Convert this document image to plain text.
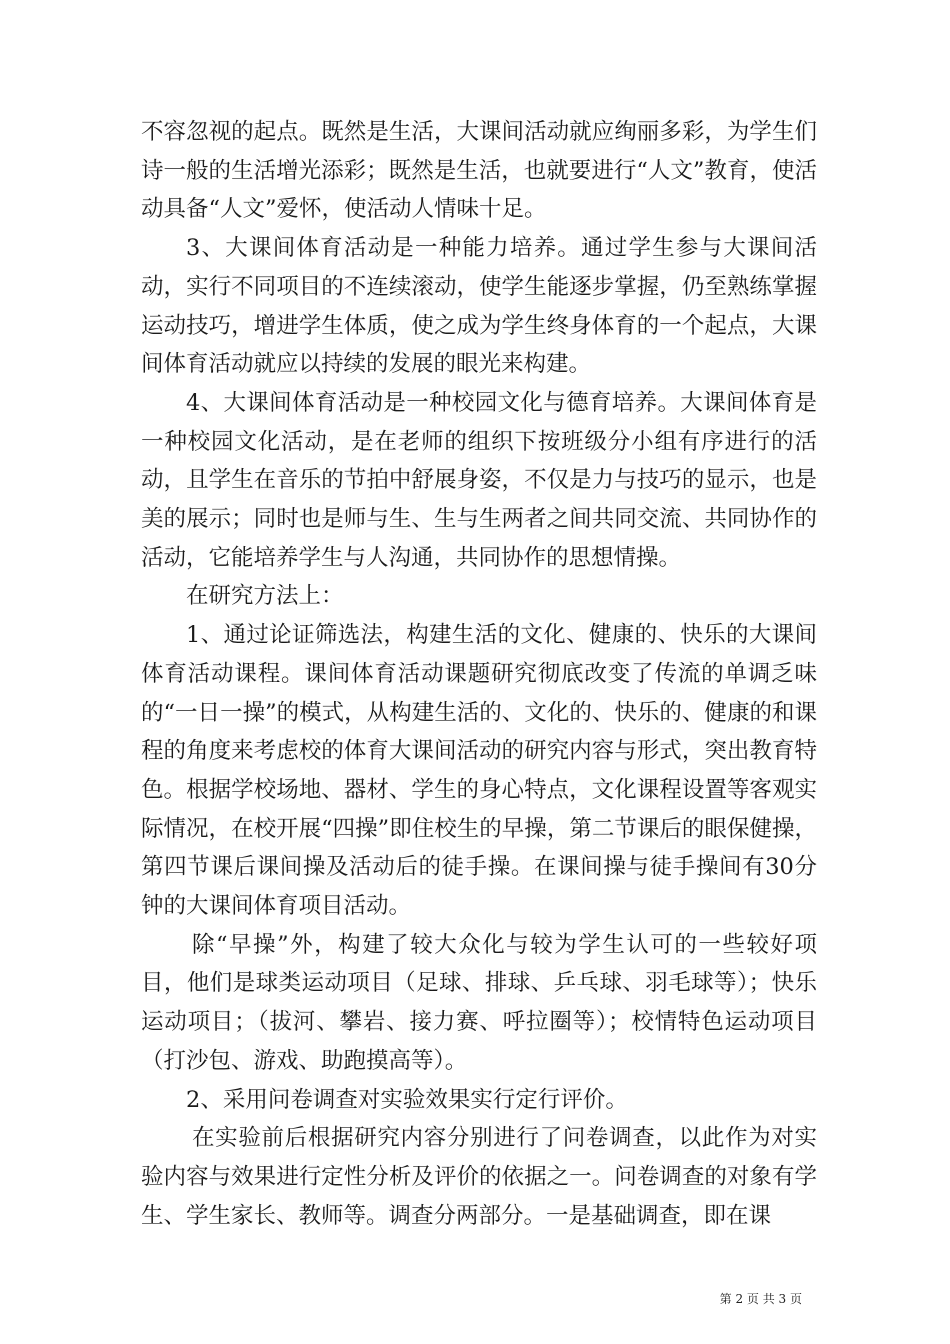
不容忽视的起点。既然是生活，大课间活动就应绚丽多彩，为学生们诗一般的生活增光添彩；既然是生活，也就要进行“人文”教育，使活动具备“人文”爱怀，使活动人情味十足。

3、大课间体育活动是一种能力培养。通过学生参与大课间活动，实行不同项目的不连续滚动，使学生能逐步掌握，仍至熟练掌握运动技巧，增进学生体质，使之成为学生终身体育的一个起点，大课间体育活动就应以持续的发展的眼光来构建。

4、大课间体育活动是一种校园文化与德育培养。大课间体育是一种校园文化活动，是在老师的组织下按班级分小组有序进行的活动，且学生在音乐的节拍中舒展身姿，不仅是力与技巧的显示，也是美的展示；同时也是师与生、生与生两者之间共同交流、共同协作的活动，它能培养学生与人沟通，共同协作的思想情操。

在研究方法上：

1、通过论证筛选法，构建生活的文化、健康的、快乐的大课间体育活动课程。课间体育活动课题研究彻底改变了传流的单调乏味的“一日一操”的模式，从构建生活的、文化的、快乐的、健康的和课程的角度来考虑校的体育大课间活动的研究内容与形式，突出教育特色。根据学校场地、器材、学生的身心特点，文化课程设置等客观实际情况，在校开展“四操”即住校生的早操，第二节课后的眼保健操，第四节课后课间操及活动后的徒手操。在课间操与徒手操间有30分钟的大课间体育项目活动。

除“早操”外，构建了较大众化与较为学生认可的一些较好项目，他们是球类运动项目（足球、排球、乒乓球、羽毛球等）；快乐运动项目；（拔河、攀岩、接力赛、呼拉圈等）；校情特色运动项目（打沙包、游戏、助跑摸高等）。

2、采用问卷调查对实验效果实行定行评价。

在实验前后根据研究内容分别进行了问卷调查，以此作为对实验内容与效果进行定性分析及评价的依据之一。问卷调查的对象有学生、学生家长、教师等。调查分两部分。一是基础调查，即在课

第 2 页 共 3 页
